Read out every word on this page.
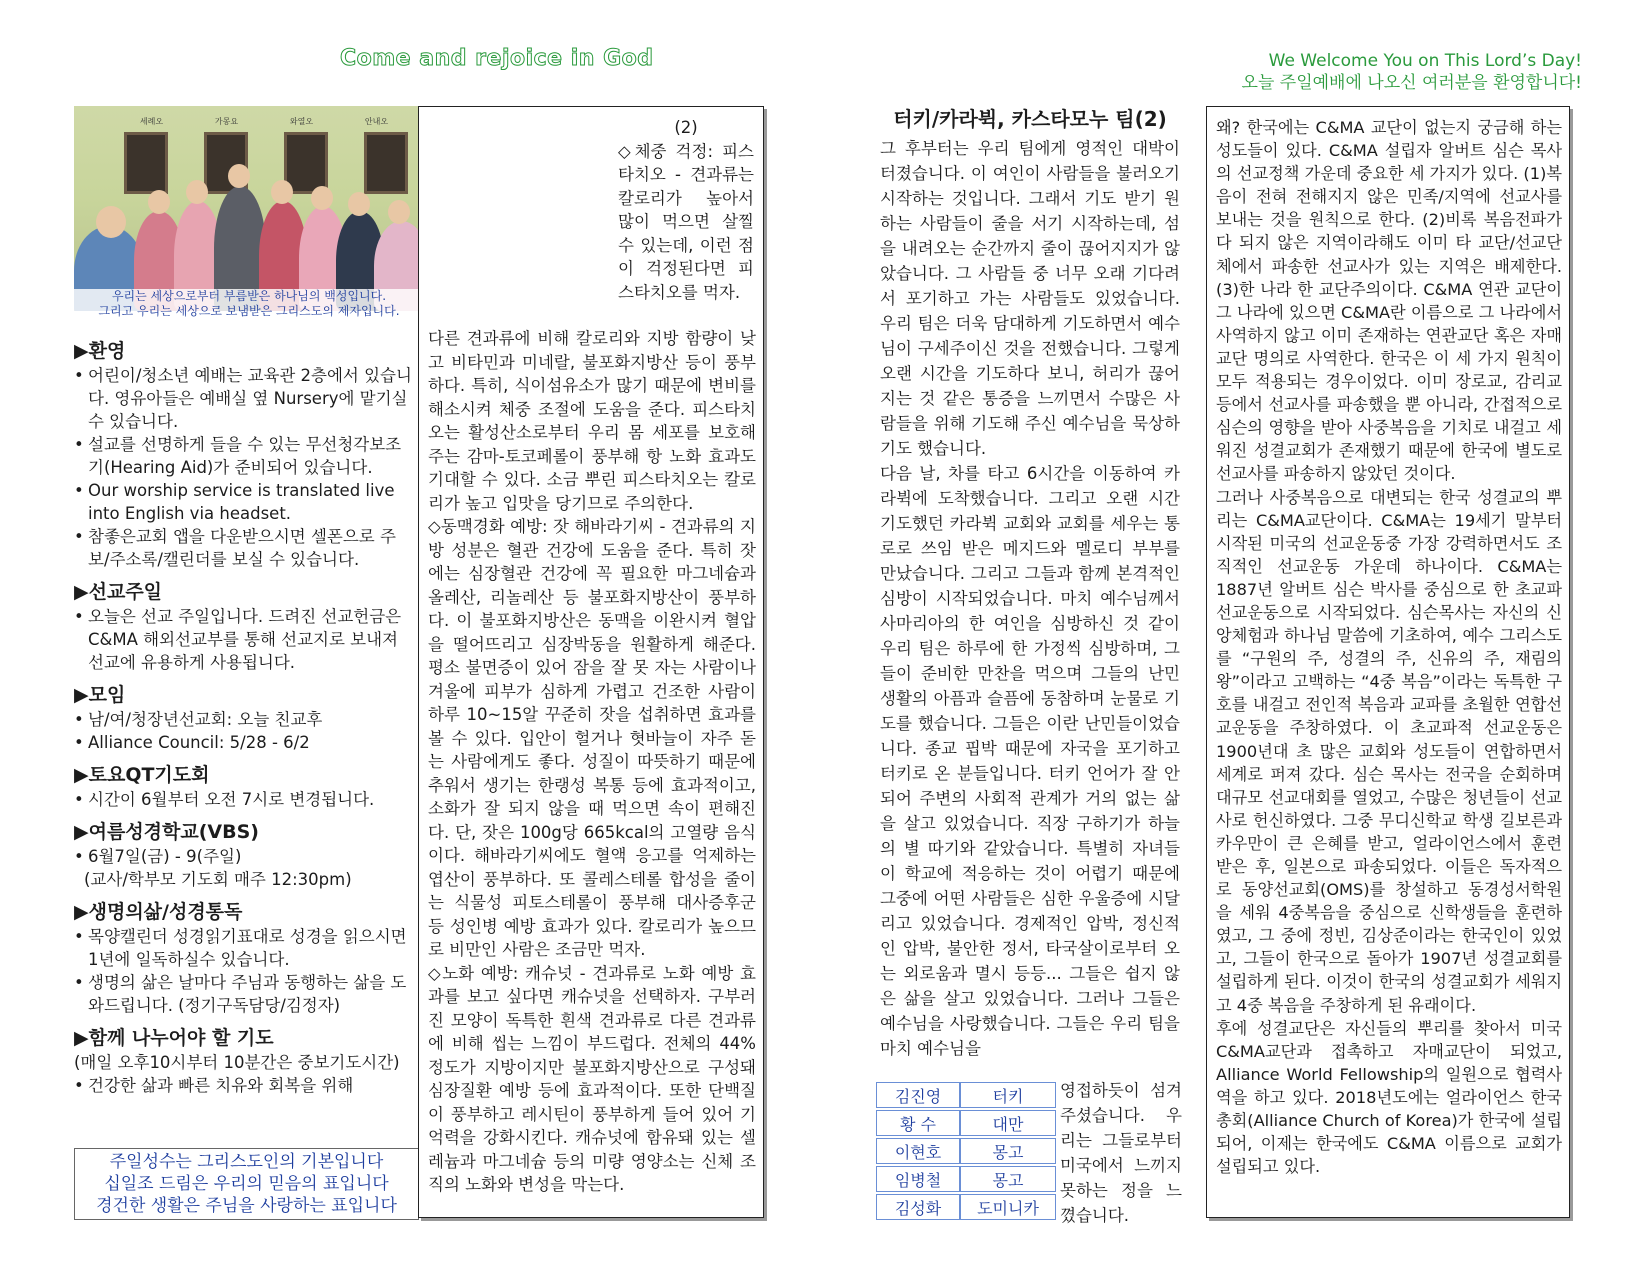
Come and rejoice in God	We Welcome You on This Lord’s Day!
오늘 주일예배에 나오신 여러분을 환영합니다!
세례오	가몽요	와열오	안내오
우리는 세상으로부터 부름받은 하나님의 백성입니다.
그리고 우리는 세상으로 보냄받은 그리스도의 제자입니다.
▶환영
• 어린이/청소년 예배는 교육관 2층에서 있습니다. 영유아들은 예배실 옆 Nursery에 맡기실 수 있습니다.
• 설교를 선명하게 들을 수 있는 무선청각보조기(Hearing Aid)가 준비되어 있습니다.
• Our worship service is translated live into English via headset.
• 참좋은교회 앱을 다운받으시면 셀폰으로 주보/주소록/캘린더를 보실 수 있습니다.
▶선교주일
• 오늘은 선교 주일입니다. 드려진 선교헌금은 C&MA 해외선교부를 통해 선교지로 보내져 선교에 유용하게 사용됩니다.
▶모임
• 남/여/청장년선교회: 오늘 친교후
• Alliance Council: 5/28 - 6/2
▶토요QT기도회
• 시간이 6월부터 오전 7시로 변경됩니다.
▶여름성경학교(VBS)
• 6월7일(금) - 9(주일)
(교사/학부모 기도회 매주 12:30pm)
▶생명의삶/성경통독
• 목양캘린더 성경읽기표대로 성경을 읽으시면 1년에 일독하실수 있습니다.
• 생명의 삶은 날마다 주님과 동행하는 삶을 도와드립니다. (정기구독담당/김정자)
▶함께 나누어야 할 기도
(매일 오후10시부터 10분간은 중보기도시간)
• 건강한 삶과 빠른 치유와 회복을 위해
주일성수는 그리스도인의 기본입니다
십일조 드림은 우리의 믿음의 표입니다
경건한 생활은 주님을 사랑하는 표입니다

(2)

◇체중 걱정: 피스타치오 - 견과류는 칼로리가 높아서 많이 먹으면 살찔 수 있는데, 이런 점이 걱정된다면 피스타치오를 먹자.

다른 견과류에 비해 칼로리와 지방 함량이 낮고 비타민과 미네랄, 불포화지방산 등이 풍부하다. 특히, 식이섬유소가 많기 때문에 변비를 해소시켜 체중 조절에 도움을 준다. 피스타치오는 활성산소로부터 우리 몸 세포를 보호해 주는 감마-토코페롤이 풍부해 항 노화 효과도 기대할 수 있다. 소금 뿌린 피스타치오는 칼로리가 높고 입맛을 당기므로 주의한다.

◇동맥경화 예방: 잣 해바라기씨 - 견과류의 지방 성분은 혈관 건강에 도움을 준다. 특히 잣에는 심장혈관 건강에 꼭 필요한 마그네슘과 올레산, 리놀레산 등 불포화지방산이 풍부하다. 이 불포화지방산은 동맥을 이완시켜 혈압을 떨어뜨리고 심장박동을 원활하게 해준다. 평소 불면증이 있어 잠을 잘 못 자는 사람이나 겨울에 피부가 심하게 가렵고 건조한 사람이 하루 10~15알 꾸준히 잣을 섭취하면 효과를 볼 수 있다. 입안이 헐거나 혓바늘이 자주 돋는 사람에게도 좋다. 성질이 따뜻하기 때문에 추워서 생기는 한랭성 복통 등에 효과적이고, 소화가 잘 되지 않을 때 먹으면 속이 편해진다. 단, 잣은 100g당 665kcal의 고열량 음식이다. 해바라기씨에도 혈액 응고를 억제하는 엽산이 풍부하다. 또 콜레스테롤 합성을 줄이는 식물성 피토스테롤이 풍부해 대사증후군 등 성인병 예방 효과가 있다. 칼로리가 높으므로 비만인 사람은 조금만 먹자.

◇노화 예방: 캐슈넛 - 견과류로 노화 예방 효과를 보고 싶다면 캐슈넛을 선택하자. 구부러진 모양이 독특한 흰색 견과류로 다른 견과류에 비해 씹는 느낌이 부드럽다. 전체의 44% 정도가 지방이지만 불포화지방산으로 구성돼 심장질환 예방 등에 효과적이다. 또한 단백질이 풍부하고 레시틴이 풍부하게 들어 있어 기억력을 강화시킨다. 캐슈넛에 함유돼 있는 셀레늄과 마그네슘 등의 미량 영양소는 신체 조직의 노화와 변성을 막는다.

터키/카라뷕, 카스타모누 팀(2)

그 후부터는 우리 팀에게 영적인 대박이 터졌습니다. 이 여인이 사람들을 불러오기 시작하는 것입니다. 그래서 기도 받기 원하는 사람들이 줄을 서기 시작하는데, 섬을 내려오는 순간까지 줄이 끊어지지가 않았습니다. 그 사람들 중 너무 오래 기다려서 포기하고 가는 사람들도 있었습니다. 우리 팀은 더욱 담대하게 기도하면서 예수님이 구세주이신 것을 전했습니다. 그렇게 오랜 시간을 기도하다 보니, 허리가 끊어지는 것 같은 통증을 느끼면서 수많은 사람들을 위해 기도해 주신 예수님을 묵상하기도 했습니다.

다음 날, 차를 타고 6시간을 이동하여 카라뷕에 도착했습니다. 그리고 오랜 시간 기도했던 카라뷕 교회와 교회를 세우는 통로로 쓰임 받은 메지드와 멜로디 부부를 만났습니다. 그리고 그들과 함께 본격적인 심방이 시작되었습니다. 마치 예수님께서 사마리아의 한 여인을 심방하신 것 같이 우리 팀은 하루에 한 가정씩 심방하며, 그들이 준비한 만찬을 먹으며 그들의 난민 생활의 아픔과 슬픔에 동참하며 눈물로 기도를 했습니다. 그들은 이란 난민들이었습니다. 종교 핍박 때문에 자국을 포기하고 터키로 온 분들입니다. 터키 언어가 잘 안되어 주변의 사회적 관계가 거의 없는 삶을 살고 있었습니다. 직장 구하기가 하늘의 별 따기와 같았습니다. 특별히 자녀들이 학교에 적응하는 것이 어렵기 때문에 그중에 어떤 사람들은 심한 우울증에 시달리고 있었습니다. 경제적인 압박, 정신적인 압박, 불안한 정서, 타국살이로부터 오는 외로움과 멸시 등등... 그들은 쉽지 않은 삶을 살고 있었습니다. 그러나 그들은 예수님을 사랑했습니다. 그들은 우리 팀을 마치 예수님을

김진영	터키
황 수	대만
이현호	몽고
임병철	몽고
김성화	도미니카
영접하듯이 섬겨 주셨습니다. 우리는 그들로부터 미국에서 느끼지 못하는 정을 느꼈습니다.

왜? 한국에는 C&MA 교단이 없는지 궁금해 하는 성도들이 있다. C&MA 설립자 알버트 심슨 목사의 선교정책 가운데 중요한 세 가지가 있다. (1)복음이 전혀 전해지지 않은 민족/지역에 선교사를 보내는 것을 원칙으로 한다. (2)비록 복음전파가 다 되지 않은 지역이라해도 이미 타 교단/선교단체에서 파송한 선교사가 있는 지역은 배제한다. (3)한 나라 한 교단주의이다. C&MA 연관 교단이 그 나라에 있으면 C&MA란 이름으로 그 나라에서 사역하지 않고 이미 존재하는 연관교단 혹은 자매교단 명의로 사역한다. 한국은 이 세 가지 원칙이 모두 적용되는 경우이었다. 이미 장로교, 감리교 등에서 선교사를 파송했을 뿐 아니라, 간접적으로 심슨의 영향을 받아 사중복음을 기치로 내걸고 세워진 성결교회가 존재했기 때문에 한국에 별도로 선교사를 파송하지 않았던 것이다.

그러나 사중복음으로 대변되는 한국 성결교의 뿌리는 C&MA교단이다. C&MA는 19세기 말부터 시작된 미국의 선교운동중 가장 강력하면서도 조직적인 선교운동 가운데 하나이다. C&MA는 1887년 알버트 심슨 박사를 중심으로 한 초교파 선교운동으로 시작되었다. 심슨목사는 자신의 신앙체험과 하나님 말씀에 기초하여, 예수 그리스도를 “구원의 주, 성결의 주, 신유의 주, 재림의 왕”이라고 고백하는 “4중 복음”이라는 독특한 구호를 내걸고 전인적 복음과 교파를 초월한 연합선교운동을 주창하였다. 이 초교파적 선교운동은 1900년대 초 많은 교회와 성도들이 연합하면서 세계로 퍼져 갔다. 심슨 목사는 전국을 순회하며 대규모 선교대회를 열었고, 수많은 청년들이 선교사로 헌신하였다. 그중 무디신학교 학생 길보른과 카우만이 큰 은혜를 받고, 얼라이언스에서 훈련 받은 후, 일본으로 파송되었다. 이들은 독자적으로 동양선교회(OMS)를 창설하고 동경성서학원을 세워 4중복음을 중심으로 신학생들을 훈련하였고, 그 중에 정빈, 김상준이라는 한국인이 있었고, 그들이 한국으로 돌아가 1907년 성결교회를 설립하게 된다. 이것이 한국의 성결교회가 세워지고 4중 복음을 주창하게 된 유래이다.

후에 성결교단은 자신들의 뿌리를 찾아서 미국 C&MA교단과 접촉하고 자매교단이 되었고, Alliance World Fellowship의 일원으로 협력사역을 하고 있다. 2018년도에는 얼라이언스 한국총회(Alliance Church of Korea)가 한국에 설립되어, 이제는 한국에도 C&MA 이름으로 교회가 설립되고 있다.
